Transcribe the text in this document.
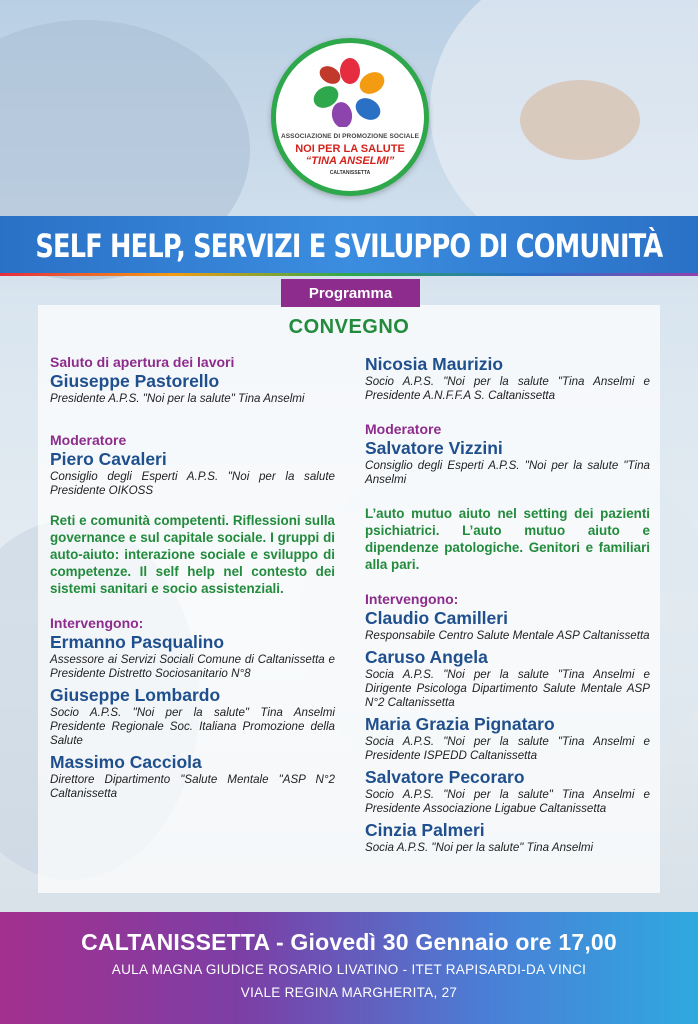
ASSOCIAZIONE DI PROMOZIONE SOCIALE
NOI PER LA SALUTE
“TINA ANSELMI”
CALTANISSETTA
SELF HELP, SERVIZI E SVILUPPO DI COMUNITÀ
Programma
CONVEGNO
Saluto di apertura dei lavori
Giuseppe Pastorello
Presidente A.P.S. "Noi per la salute" Tina Anselmi
Moderatore
Piero Cavaleri
Consiglio degli Esperti A.P.S. "Noi per la salute Presidente OIKOSS
Reti e comunità competenti. Riflessioni sulla governance e sul capitale sociale. I gruppi di auto-aiuto: interazione sociale e sviluppo di competenze. Il self help nel contesto dei sistemi sanitari e socio assistenziali.
Intervengono:
Ermanno Pasqualino
Assessore ai Servizi Sociali Comune di Caltanissetta e Presidente Distretto Sociosanitario N°8
Giuseppe Lombardo
Socio A.P.S. "Noi per la salute" Tina Anselmi Presidente Regionale Soc. Italiana Promozione della Salute
Massimo Cacciola
Direttore Dipartimento "Salute Mentale "ASP N°2 Caltanissetta
Nicosia Maurizio
Socio A.P.S. "Noi per la salute "Tina Anselmi e Presidente A.N.F.F.A S. Caltanissetta
Moderatore
Salvatore Vizzini
Consiglio degli Esperti A.P.S. "Noi per la salute "Tina Anselmi
L’auto mutuo aiuto nel setting dei pazienti psichiatrici. L’auto mutuo aiuto e dipendenze patologiche. Genitori e familiari alla pari.
Intervengono:
Claudio Camilleri
Responsabile Centro Salute Mentale ASP Caltanissetta
Caruso Angela
Socia A.P.S. "Noi per la salute "Tina Anselmi e Dirigente Psicologa Dipartimento Salute Mentale ASP N°2 Caltanissetta
Maria Grazia Pignataro
Socia A.P.S. "Noi per la salute "Tina Anselmi e Presidente ISPEDD Caltanissetta
Salvatore Pecoraro
Socio A.P.S. "Noi per la salute" Tina Anselmi e Presidente Associazione Ligabue Caltanissetta
Cinzia Palmeri
Socia A.P.S. "Noi per la salute" Tina Anselmi
CALTANISSETTA - Giovedì 30 Gennaio ore 17,00
AULA MAGNA GIUDICE ROSARIO LIVATINO - ITET RAPISARDI-DA VINCI
VIALE REGINA MARGHERITA, 27
